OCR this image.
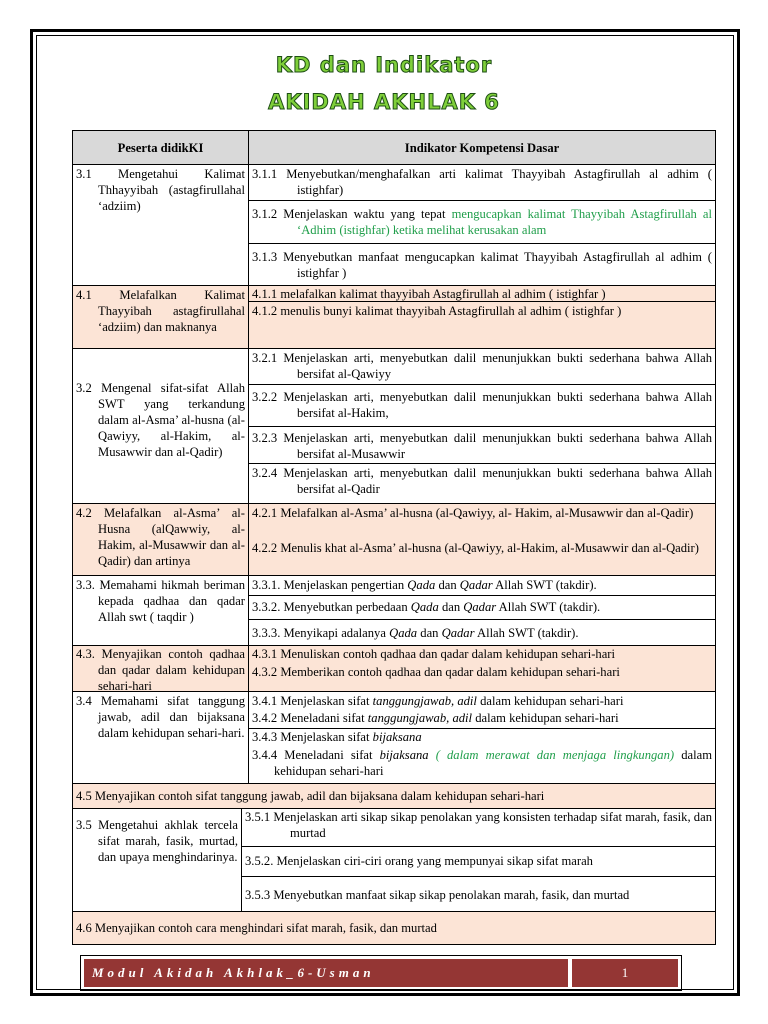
KD dan Indikator
AKIDAH AKHLAK 6
Peserta didikKI	Indikator Kompetensi Dasar
3.1 Mengetahui Kalimat Thhayyibah (astagfirullahal ‘adziim)
3.1.1 Menyebutkan/menghafalkan arti kalimat Thayyibah Astagfirullah al adhim ( istighfar)
3.1.2 Menjelaskan waktu yang tepat mengucapkan kalimat Thayyibah Astagfirullah al ‘Adhim (istighfar) ketika melihat kerusakan alam
3.1.3 Menyebutkan manfaat mengucapkan kalimat Thayyibah Astagfirullah al adhim ( istighfar )
4.1 Melafalkan Kalimat Thayyibah astagfirullahal ‘adziim) dan maknanya
4.1.1 melafalkan kalimat thayyibah Astagfirullah al adhim ( istighfar )
4.1.2 menulis bunyi kalimat thayyibah Astagfirullah al adhim ( istighfar )
3.2 Mengenal sifat-sifat Allah SWT yang terkandung dalam al-Asma’ al-husna (al-Qawiyy, al-Hakim, al-Musawwir dan al-Qadir)
3.2.1 Menjelaskan arti, menyebutkan dalil menunjukkan bukti sederhana bahwa Allah bersifat al-Qawiyy
3.2.2 Menjelaskan arti, menyebutkan dalil menunjukkan bukti sederhana bahwa Allah bersifat al-Hakim,
3.2.3 Menjelaskan arti, menyebutkan dalil menunjukkan bukti sederhana bahwa Allah bersifat al-Musawwir
3.2.4 Menjelaskan arti, menyebutkan dalil menunjukkan bukti sederhana bahwa Allah bersifat al-Qadir
4.2 Melafalkan al-Asma’ al-Husna (alQawwiy, al-Hakim, al-Musawwir dan al-Qadir) dan artinya
4.2.1 Melafalkan al-Asma’ al-husna (al-Qawiyy, al- Hakim, al-Musawwir dan al-Qadir)
4.2.2 Menulis khat al-Asma’ al-husna (al-Qawiyy, al-Hakim, al-Musawwir dan al-Qadir)
3.3. Memahami hikmah beriman kepada qadhaa dan qadar Allah swt ( taqdir )
3.3.1. Menjelaskan pengertian Qada dan Qadar Allah SWT (takdir).
3.3.2. Menyebutkan perbedaan Qada dan Qadar Allah SWT (takdir).
3.3.3. Menyikapi adalanya Qada dan Qadar Allah SWT (takdir).
4.3. Menyajikan contoh qadhaa dan qadar dalam kehidupan sehari-hari
4.3.1 Menuliskan contoh qadhaa dan qadar dalam kehidupan sehari-hari
4.3.2 Memberikan contoh qadhaa dan qadar dalam kehidupan sehari-hari
3.4 Memahami sifat tanggung jawab, adil dan bijaksana dalam kehidupan sehari-hari.
3.4.1 Menjelaskan sifat tanggungjawab, adil dalam kehidupan sehari-hari
3.4.2 Meneladani sifat tanggungjawab, adil dalam kehidupan sehari-hari
3.4.3 Menjelaskan sifat bijaksana
3.4.4 Meneladani sifat bijaksana ( dalam merawat dan menjaga lingkungan) dalam kehidupan sehari-hari
4.5 Menyajikan contoh sifat tanggung jawab, adil dan bijaksana dalam kehidupan sehari-hari
3.5 Mengetahui akhlak tercela sifat marah, fasik, murtad, dan upaya menghindarinya.
3.5.1 Menjelaskan arti sikap sikap penolakan yang konsisten terhadap sifat marah, fasik, dan murtad
3.5.2. Menjelaskan ciri-ciri orang yang mempunyai sikap sifat marah
3.5.3 Menyebutkan manfaat sikap sikap penolakan marah, fasik, dan murtad
4.6 Menyajikan contoh cara menghindari sifat marah, fasik, dan murtad
Modul Akidah Akhlak_6-Usman	1
